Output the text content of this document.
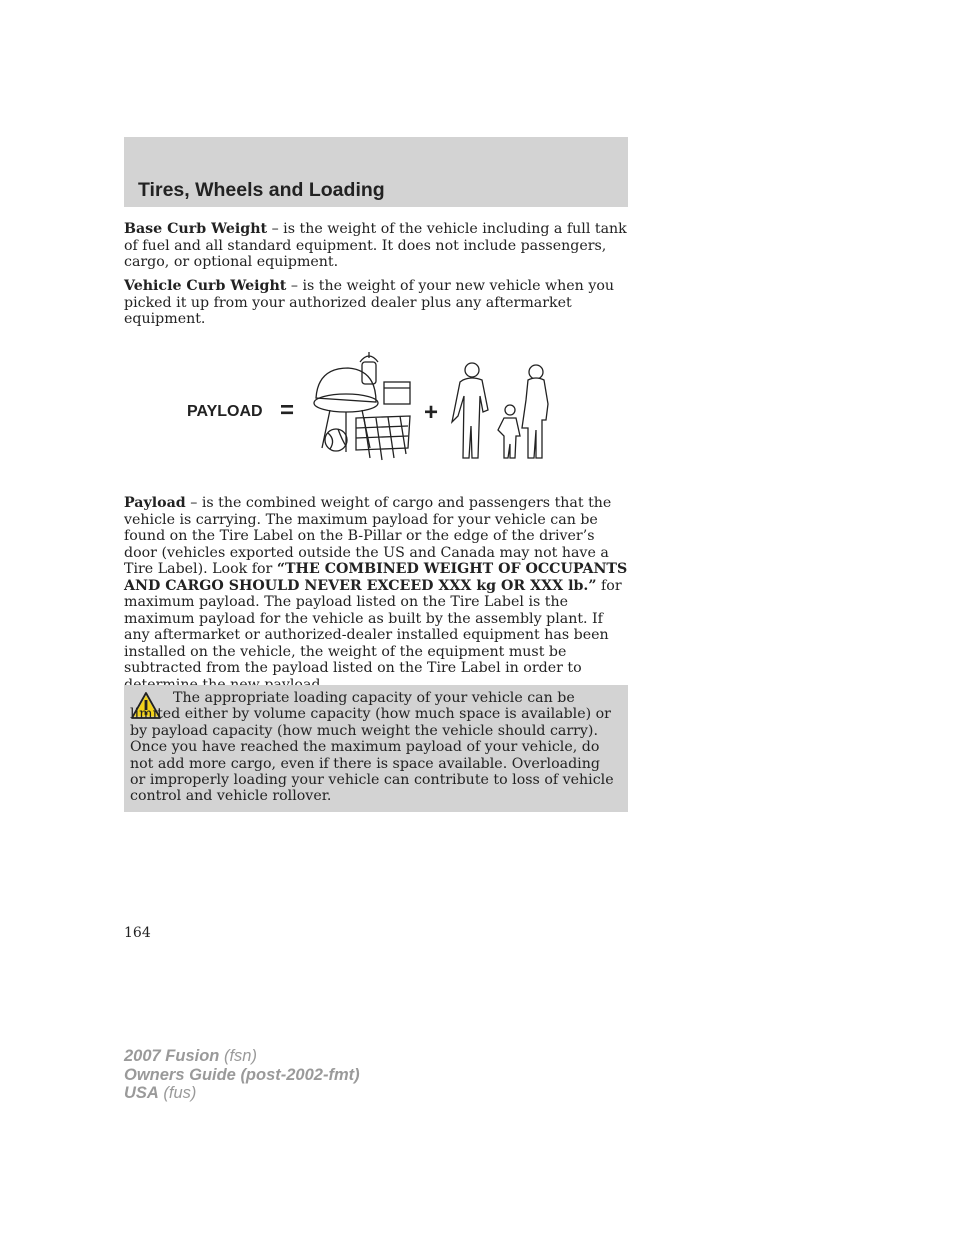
Tires, Wheels and Loading

Base Curb Weight – is the weight of the vehicle including a full tank of fuel and all standard equipment. It does not include passengers, cargo, or optional equipment.

Vehicle Curb Weight – is the weight of your new vehicle when you picked it up from your authorized dealer plus any aftermarket equipment.

PAYLOAD =	+

Payload – is the combined weight of cargo and passengers that the vehicle is carrying. The maximum payload for your vehicle can be found on the Tire Label on the B-Pillar or the edge of the driver’s door (vehicles exported outside the US and Canada may not have a Tire Label). Look for “THE COMBINED WEIGHT OF OCCUPANTS AND CARGO SHOULD NEVER EXCEED XXX kg OR XXX lb.” for maximum payload. The payload listed on the Tire Label is the maximum payload for the vehicle as built by the assembly plant. If any aftermarket or authorized-dealer installed equipment has been installed on the vehicle, the weight of the equipment must be subtracted from the payload listed on the Tire Label in order to

The appropriate loading capacity of your vehicle can be limited either by volume capacity (how much space is available) or by payload capacity (how much weight the vehicle should carry). Once you have reached the maximum payload of your vehicle, do not add more cargo, even if there is space available. Overloading or improperly loading your vehicle can contribute to loss of vehicle control and vehicle rollover.

164

2007 Fusion (fsn)
Owners Guide (post-2002-fmt)
USA (fus)
